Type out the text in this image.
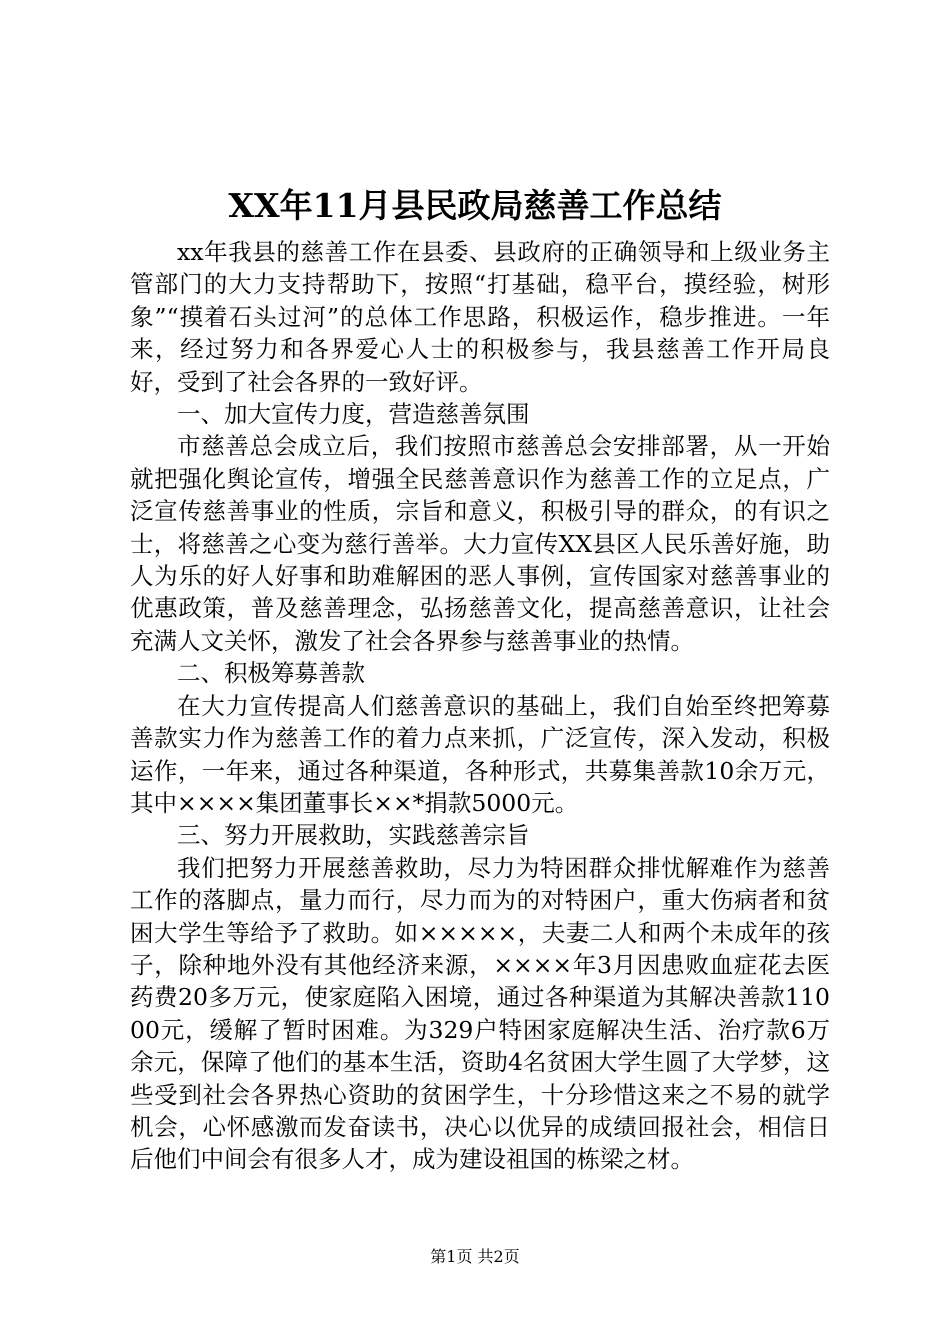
XX年11月县民政局慈善工作总结

xx年我县的慈善工作在县委、县政府的正确领导和上级业务主管部门的大力支持帮助下，按照“打基础，稳平台，摸经验，树形象”“摸着石头过河”的总体工作思路，积极运作，稳步推进。一年来，经过努力和各界爱心人士的积极参与，我县慈善工作开局良好，受到了社会各界的一致好评。

一、加大宣传力度，营造慈善氛围

市慈善总会成立后，我们按照市慈善总会安排部署，从一开始就把强化舆论宣传，增强全民慈善意识作为慈善工作的立足点，广泛宣传慈善事业的性质，宗旨和意义，积极引导的群众，的有识之士，将慈善之心变为慈行善举。大力宣传XX县区人民乐善好施，助人为乐的好人好事和助难解困的恶人事例，宣传国家对慈善事业的优惠政策，普及慈善理念，弘扬慈善文化，提高慈善意识，让社会充满人文关怀，激发了社会各界参与慈善事业的热情。

二、积极筹募善款

在大力宣传提高人们慈善意识的基础上，我们自始至终把筹募善款实力作为慈善工作的着力点来抓，广泛宣传，深入发动，积极运作，一年来，通过各种渠道，各种形式，共募集善款10余万元，其中××××集团董事长××*捐款5000元。

三、努力开展救助，实践慈善宗旨

我们把努力开展慈善救助，尽力为特困群众排忧解难作为慈善工作的落脚点，量力而行，尽力而为的对特困户，重大伤病者和贫困大学生等给予了救助。如×××××，夫妻二人和两个未成年的孩子，除种地外没有其他经济来源，××××年3月因患败血症花去医药费20多万元，使家庭陷入困境，通过各种渠道为其解决善款11000元，缓解了暂时困难。为329户特困家庭解决生活、治疗款6万余元，保障了他们的基本生活，资助4名贫困大学生圆了大学梦，这些受到社会各界热心资助的贫困学生，十分珍惜这来之不易的就学机会，心怀感激而发奋读书，决心以优异的成绩回报社会，相信日后他们中间会有很多人才，成为建设祖国的栋梁之材。

第1页 共2页
